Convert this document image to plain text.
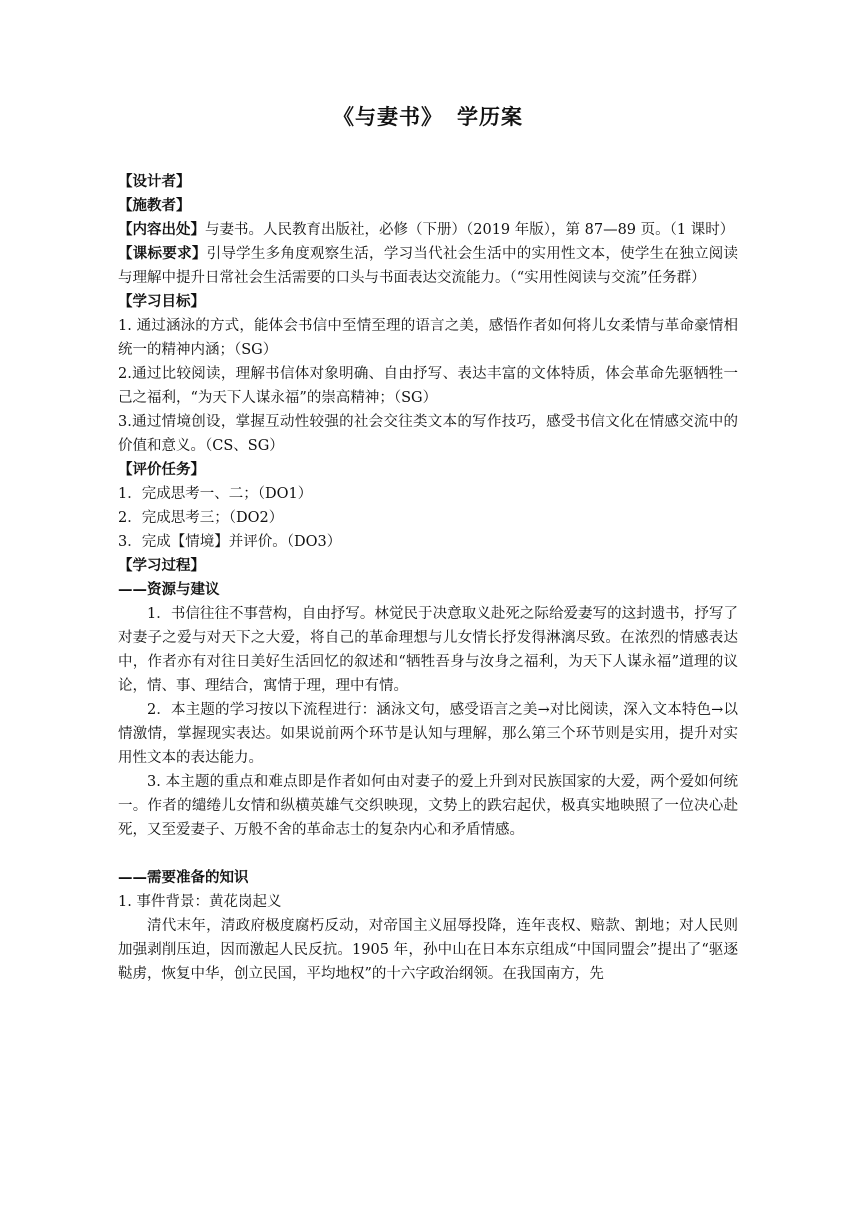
《与妻书》 学历案

【设计者】

【施教者】

【内容出处】与妻书。人民教育出版社，必修（下册）（2019 年版），第 87—89 页。（1 课时）

【课标要求】引导学生多角度观察生活，学习当代社会生活中的实用性文本，使学生在独立阅读与理解中提升日常社会生活需要的口头与书面表达交流能力。（“实用性阅读与交流”任务群）

【学习目标】

1. 通过涵泳的方式，能体会书信中至情至理的语言之美，感悟作者如何将儿女柔情与革命豪情相统一的精神内涵；（SG）

2.通过比较阅读，理解书信体对象明确、自由抒写、表达丰富的文体特质，体会革命先驱牺牲一己之福利，“为天下人谋永福”的崇高精神；（SG）

3.通过情境创设，掌握互动性较强的社会交往类文本的写作技巧，感受书信文化在情感交流中的价值和意义。（CS、SG）

【评价任务】

1．完成思考一、二；（DO1）

2．完成思考三；（DO2）

3．完成【情境】并评价。（DO3）

【学习过程】

——资源与建议

1．书信往往不事营构，自由抒写。林觉民于决意取义赴死之际给爱妻写的这封遗书，抒写了对妻子之爱与对天下之大爱，将自己的革命理想与儿女情长抒发得淋漓尽致。在浓烈的情感表达中，作者亦有对往日美好生活回忆的叙述和“牺牲吾身与汝身之福利，为天下人谋永福”道理的议论，情、事、理结合，寓情于理，理中有情。

2．本主题的学习按以下流程进行：涵泳文句，感受语言之美→对比阅读，深入文本特色→以情激情，掌握现实表达。如果说前两个环节是认知与理解，那么第三个环节则是实用，提升对实用性文本的表达能力。

3. 本主题的重点和难点即是作者如何由对妻子的爱上升到对民族国家的大爱，两个爱如何统一。作者的缱绻儿女情和纵横英雄气交织映现，文势上的跌宕起伏，极真实地映照了一位决心赴死，又至爱妻子、万般不舍的革命志士的复杂内心和矛盾情感。

——需要准备的知识

1. 事件背景：黄花岗起义

清代末年，清政府极度腐朽反动，对帝国主义屈辱投降，连年丧权、赔款、割地；对人民则加强剥削压迫，因而激起人民反抗。1905 年，孙中山在日本东京组成“中国同盟会”提出了“驱逐鞑虏，恢复中华，创立民国，平均地权”的十六字政治纲领。在我国南方，先
